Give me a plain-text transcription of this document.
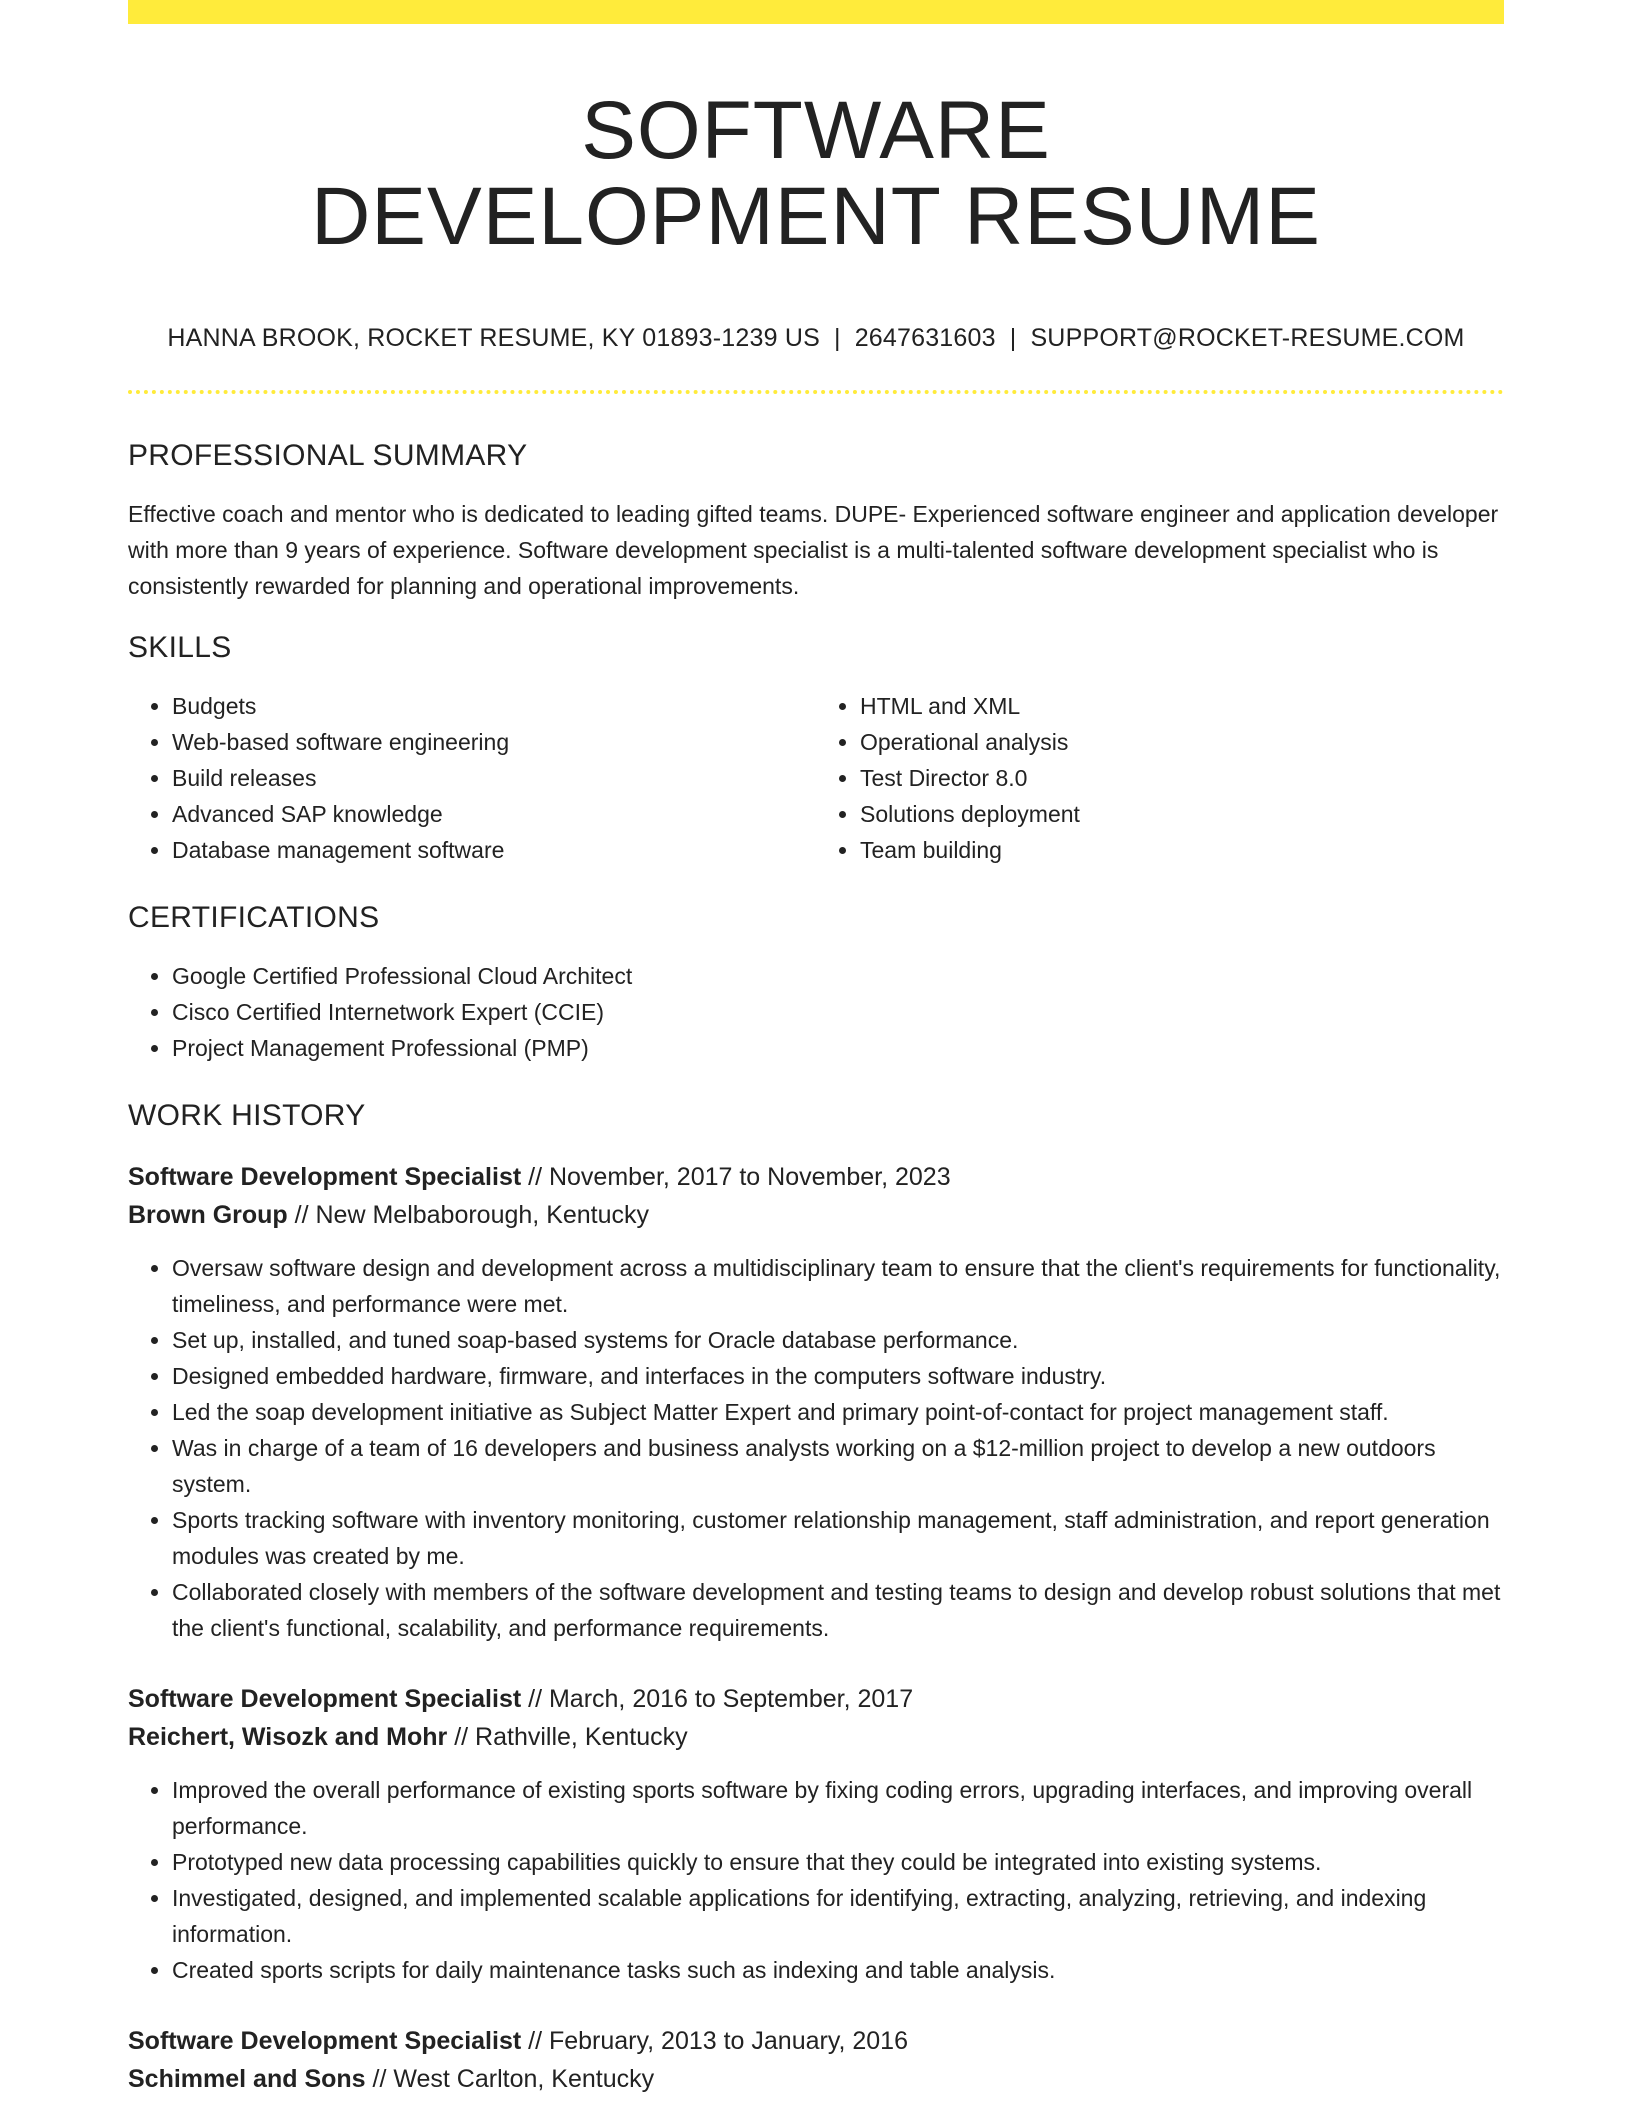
SOFTWARE
DEVELOPMENT RESUME
HANNA BROOK, ROCKET RESUME, KY 01893-1239 US | 2647631603 | SUPPORT@ROCKET-RESUME.COM
PROFESSIONAL SUMMARY

Effective coach and mentor who is dedicated to leading gifted teams. DUPE- Experienced software engineer and application developer with more than 9 years of experience. Software development specialist is a multi-talented software development specialist who is consistently rewarded for planning and operational improvements.

SKILLS
• Budgets
• Web-based software engineering
• Build releases
• Advanced SAP knowledge
• Database management software
• HTML and XML
• Operational analysis
• Test Director 8.0
• Solutions deployment
• Team building
CERTIFICATIONS
• Google Certified Professional Cloud Architect
• Cisco Certified Internetwork Expert (CCIE)
• Project Management Professional (PMP)
WORK HISTORY
Software Development Specialist // November, 2017 to November, 2023
Brown Group // New Melbaborough, Kentucky
• Oversaw software design and development across a multidisciplinary team to ensure that the client's requirements for functionality, timeliness, and performance were met.
• Set up, installed, and tuned soap-based systems for Oracle database performance.
• Designed embedded hardware, firmware, and interfaces in the computers software industry.
• Led the soap development initiative as Subject Matter Expert and primary point-of-contact for project management staff.
• Was in charge of a team of 16 developers and business analysts working on a $12-million project to develop a new outdoors system.
• Sports tracking software with inventory monitoring, customer relationship management, staff administration, and report generation modules was created by me.
• Collaborated closely with members of the software development and testing teams to design and develop robust solutions that met the client's functional, scalability, and performance requirements.
Software Development Specialist // March, 2016 to September, 2017
Reichert, Wisozk and Mohr // Rathville, Kentucky
• Improved the overall performance of existing sports software by fixing coding errors, upgrading interfaces, and improving overall performance.
• Prototyped new data processing capabilities quickly to ensure that they could be integrated into existing systems.
• Investigated, designed, and implemented scalable applications for identifying, extracting, analyzing, retrieving, and indexing information.
• Created sports scripts for daily maintenance tasks such as indexing and table analysis.
Software Development Specialist // February, 2013 to January, 2016
Schimmel and Sons // West Carlton, Kentucky
